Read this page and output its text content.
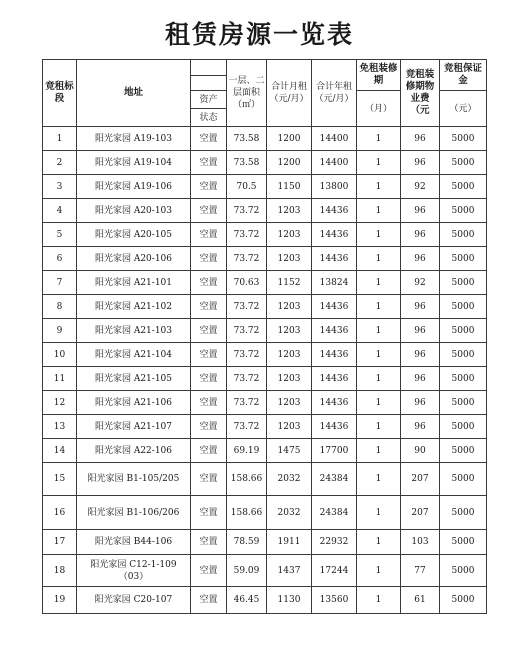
租赁房源一览表
竞租标段	地址		一层、二层面积（㎡）	合计月租（元/月）	合计年租（元/月）	免租装修期	竞租装修期物业费（元	竞租保证金

		资产				（月）		（元）
		状态						
1	阳光家园 A19-103	空置	73.58	1200	14400	1	96	5000
2	阳光家园 A19-104	空置	73.58	1200	14400	1	96	5000
3	阳光家园 A19-106	空置	70.5	1150	13800	1	92	5000
4	阳光家园 A20-103	空置	73.72	1203	14436	1	96	5000
5	阳光家园 A20-105	空置	73.72	1203	14436	1	96	5000
6	阳光家园 A20-106	空置	73.72	1203	14436	1	96	5000
7	阳光家园 A21-101	空置	70.63	1152	13824	1	92	5000
8	阳光家园 A21-102	空置	73.72	1203	14436	1	96	5000
9	阳光家园 A21-103	空置	73.72	1203	14436	1	96	5000
10	阳光家园 A21-104	空置	73.72	1203	14436	1	96	5000
11	阳光家园 A21-105	空置	73.72	1203	14436	1	96	5000
12	阳光家园 A21-106	空置	73.72	1203	14436	1	96	5000
13	阳光家园 A21-107	空置	73.72	1203	14436	1	96	5000
14	阳光家园 A22-106	空置	69.19	1475	17700	1	90	5000
15	阳光家园 B1-105/205	空置	158.66	2032	24384	1	207	5000
16	阳光家园 B1-106/206	空置	158.66	2032	24384	1	207	5000
17	阳光家园 B44-106	空置	78.59	1911	22932	1	103	5000
18	阳光家园 C12-1-109（03）	空置	59.09	1437	17244	1	77	5000
19	阳光家园 C20-107	空置	46.45	1130	13560	1	61	5000
